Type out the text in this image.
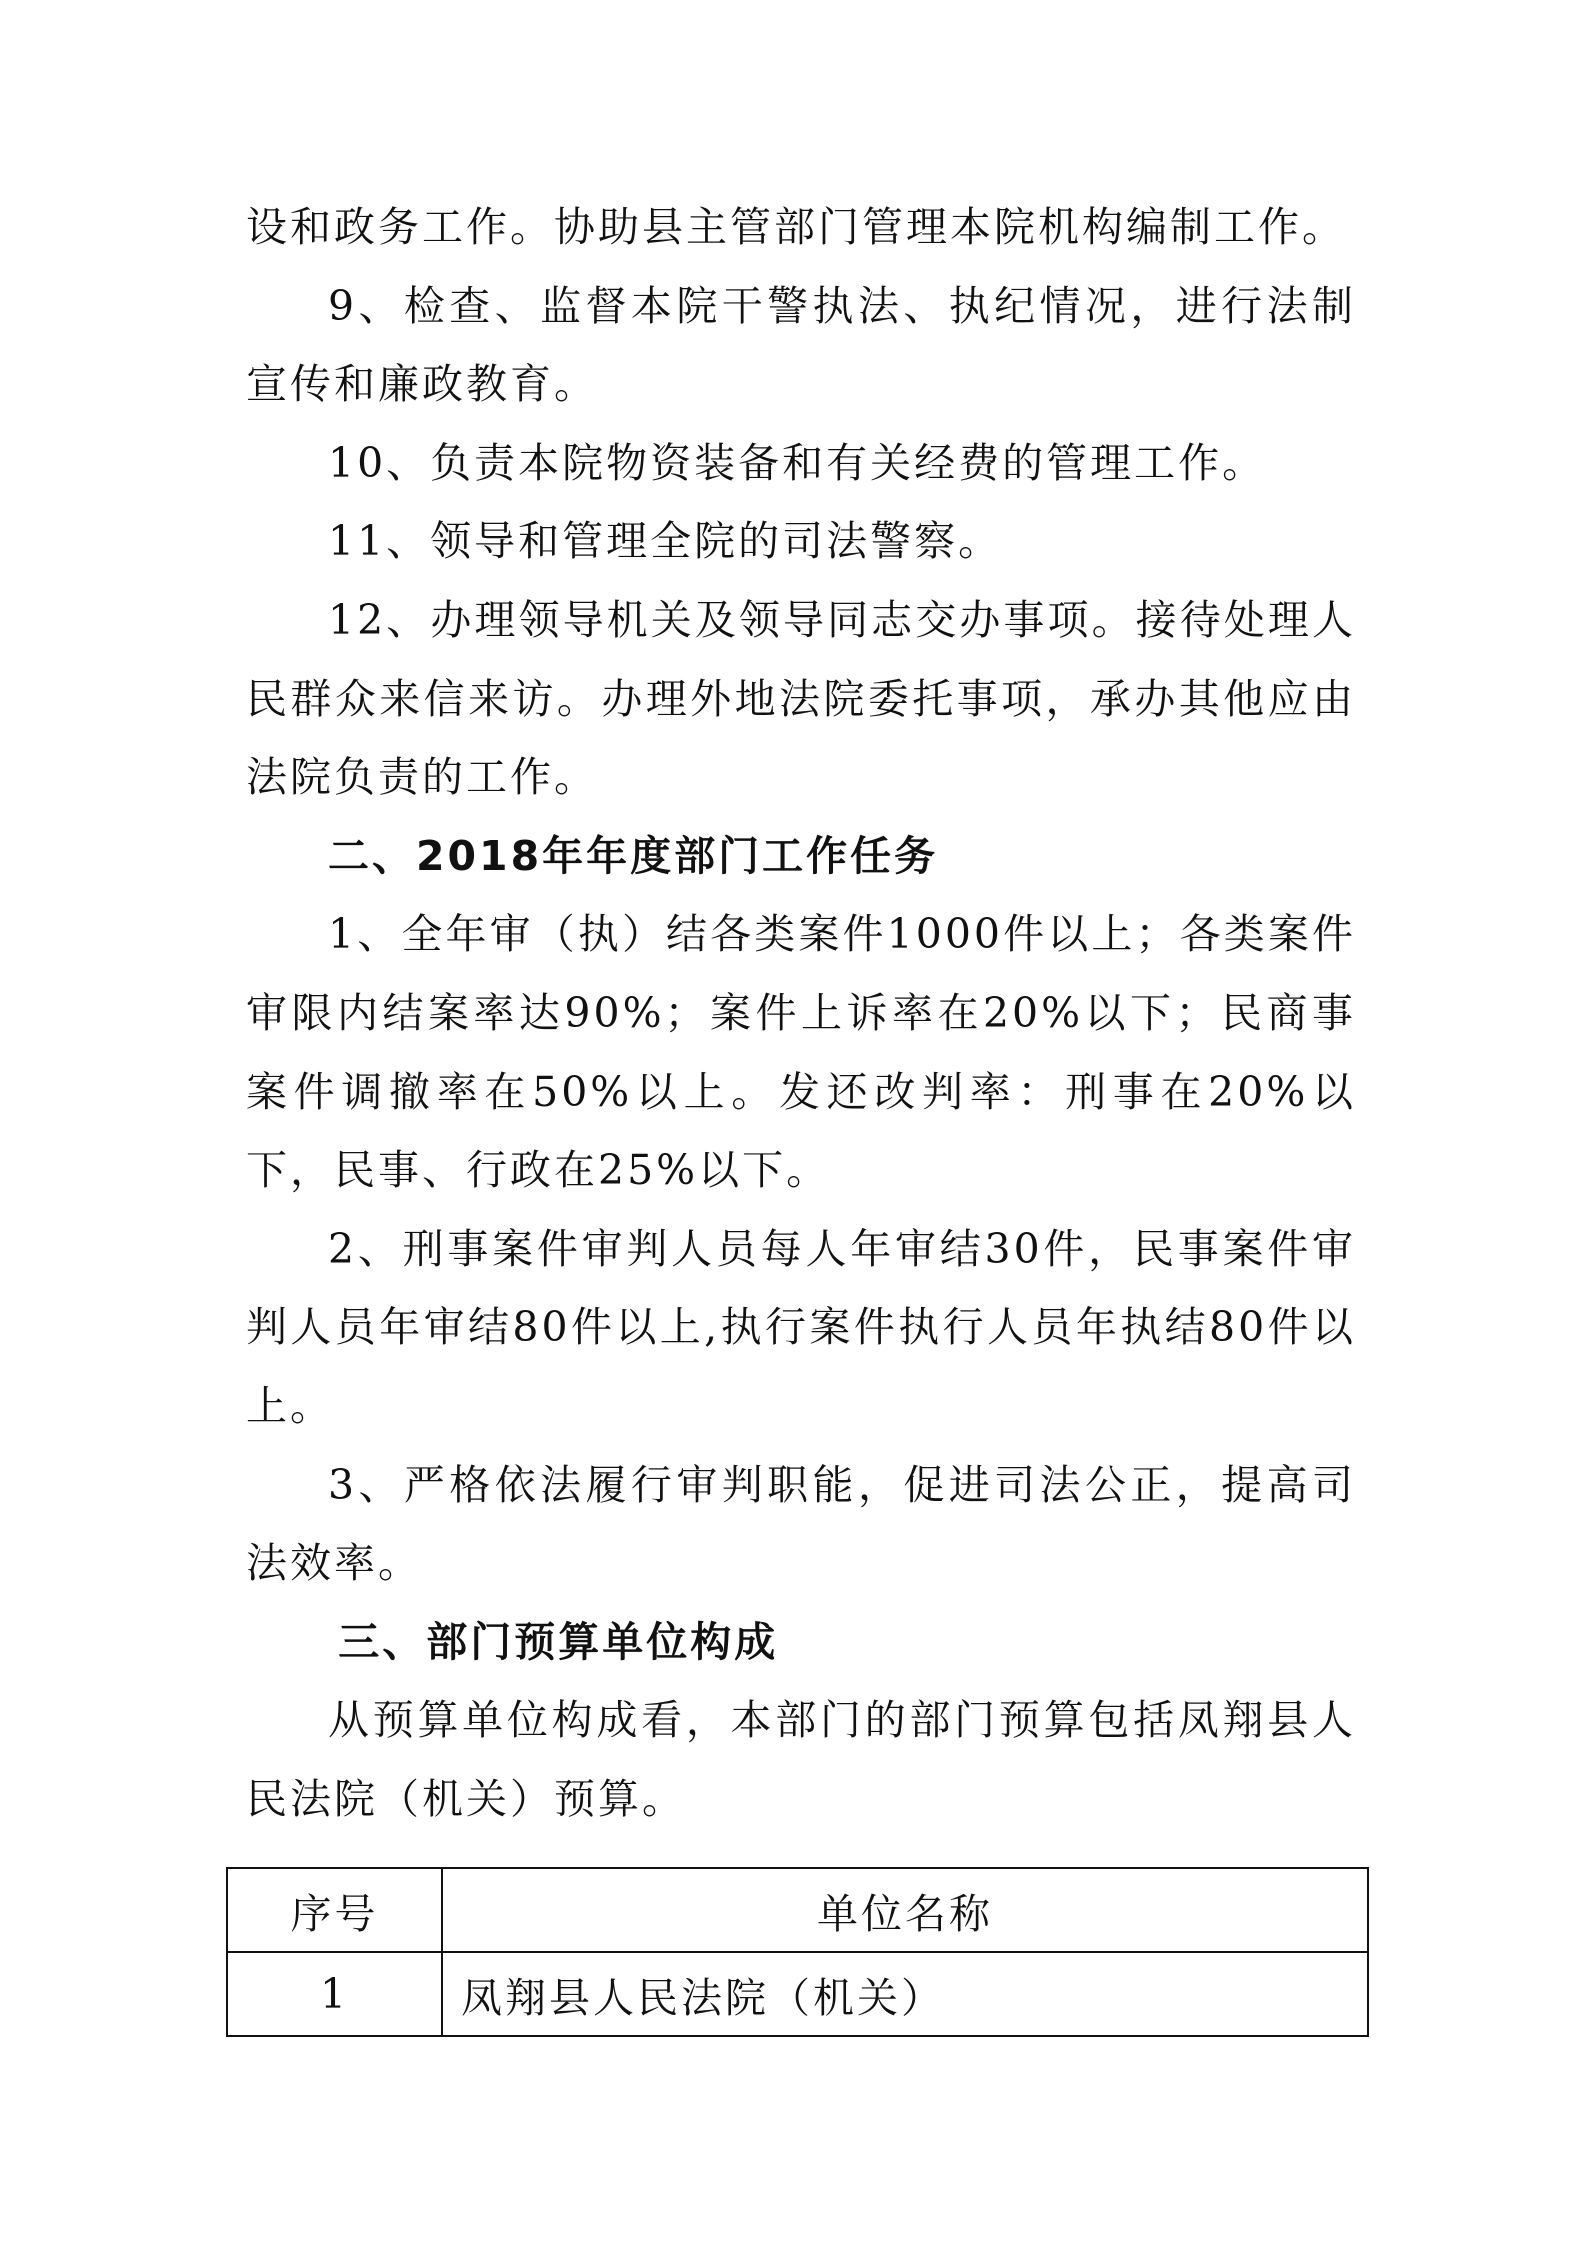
设和政务工作。协助县主管部门管理本院机构编制工作。

9、检查、监督本院干警执法、执纪情况，进行法制宣传和廉政教育。

10、负责本院物资装备和有关经费的管理工作。

11、领导和管理全院的司法警察。

12、办理领导机关及领导同志交办事项。接待处理人民群众来信来访。办理外地法院委托事项，承办其他应由法院负责的工作。

二、2018年年度部门工作任务

1、全年审（执）结各类案件1000件以上；各类案件审限内结案率达90%；案件上诉率在20%以下；民商事案件调撤率在50%以上。发还改判率：刑事在20%以下，民事、行政在25%以下。

2、刑事案件审判人员每人年审结30件，民事案件审判人员年审结80件以上,执行案件执行人员年执结80件以上。

3、严格依法履行审判职能，促进司法公正，提高司法效率。

三、部门预算单位构成

从预算单位构成看，本部门的部门预算包括凤翔县人民法院（机关）预算。

序号	单位名称
1	凤翔县人民法院（机关）
